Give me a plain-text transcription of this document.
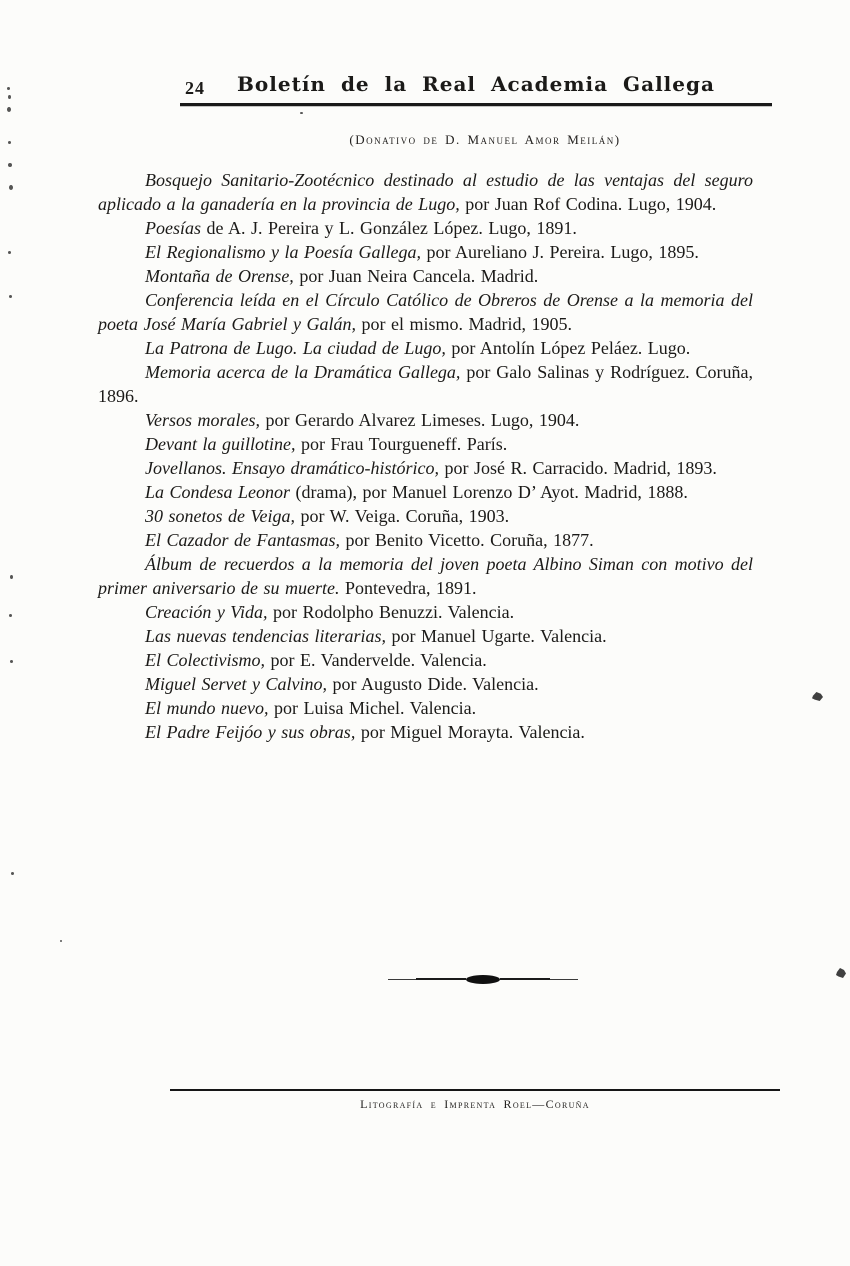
24	Boletín de la Real Academia Gallega
(Donativo de D. Manuel Amor Meilán)

Bosquejo Sanitario-Zootécnico destinado al estudio de las ventajas del seguro aplicado a la ganadería en la provincia de Lugo, por Juan Rof Codina. Lugo, 1904.

Poesías de A. J. Pereira y L. González López. Lugo, 1891.

El Regionalismo y la Poesía Gallega, por Aureliano J. Pereira. Lugo, 1895.

Montaña de Orense, por Juan Neira Cancela. Madrid.

Conferencia leída en el Círculo Católico de Obreros de Orense a la memoria del poeta José María Gabriel y Galán, por el mismo. Madrid, 1905.

La Patrona de Lugo. La ciudad de Lugo, por Antolín López Peláez. Lugo.

Memoria acerca de la Dramática Gallega, por Galo Salinas y Rodríguez. Coruña, 1896.

Versos morales, por Gerardo Alvarez Limeses. Lugo, 1904.

Devant la guillotine, por Frau Tourgueneff. París.

Jovellanos. Ensayo dramático-histórico, por José R. Carracido. Madrid, 1893.

La Condesa Leonor (drama), por Manuel Lorenzo D’ Ayot. Madrid, 1888.

30 sonetos de Veiga, por W. Veiga. Coruña, 1903.

El Cazador de Fantasmas, por Benito Vicetto. Coruña, 1877.

Álbum de recuerdos a la memoria del joven poeta Albino Siman con motivo del primer aniversario de su muerte. Pontevedra, 1891.

Creación y Vida, por Rodolpho Benuzzi. Valencia.

Las nuevas tendencias literarias, por Manuel Ugarte. Valencia.

El Colectivismo, por E. Vandervelde. Valencia.

Miguel Servet y Calvino, por Augusto Dide. Valencia.

El mundo nuevo, por Luisa Michel. Valencia.

El Padre Feijóo y sus obras, por Miguel Morayta. Valencia.

Litografía e Imprenta Roel—Coruña
